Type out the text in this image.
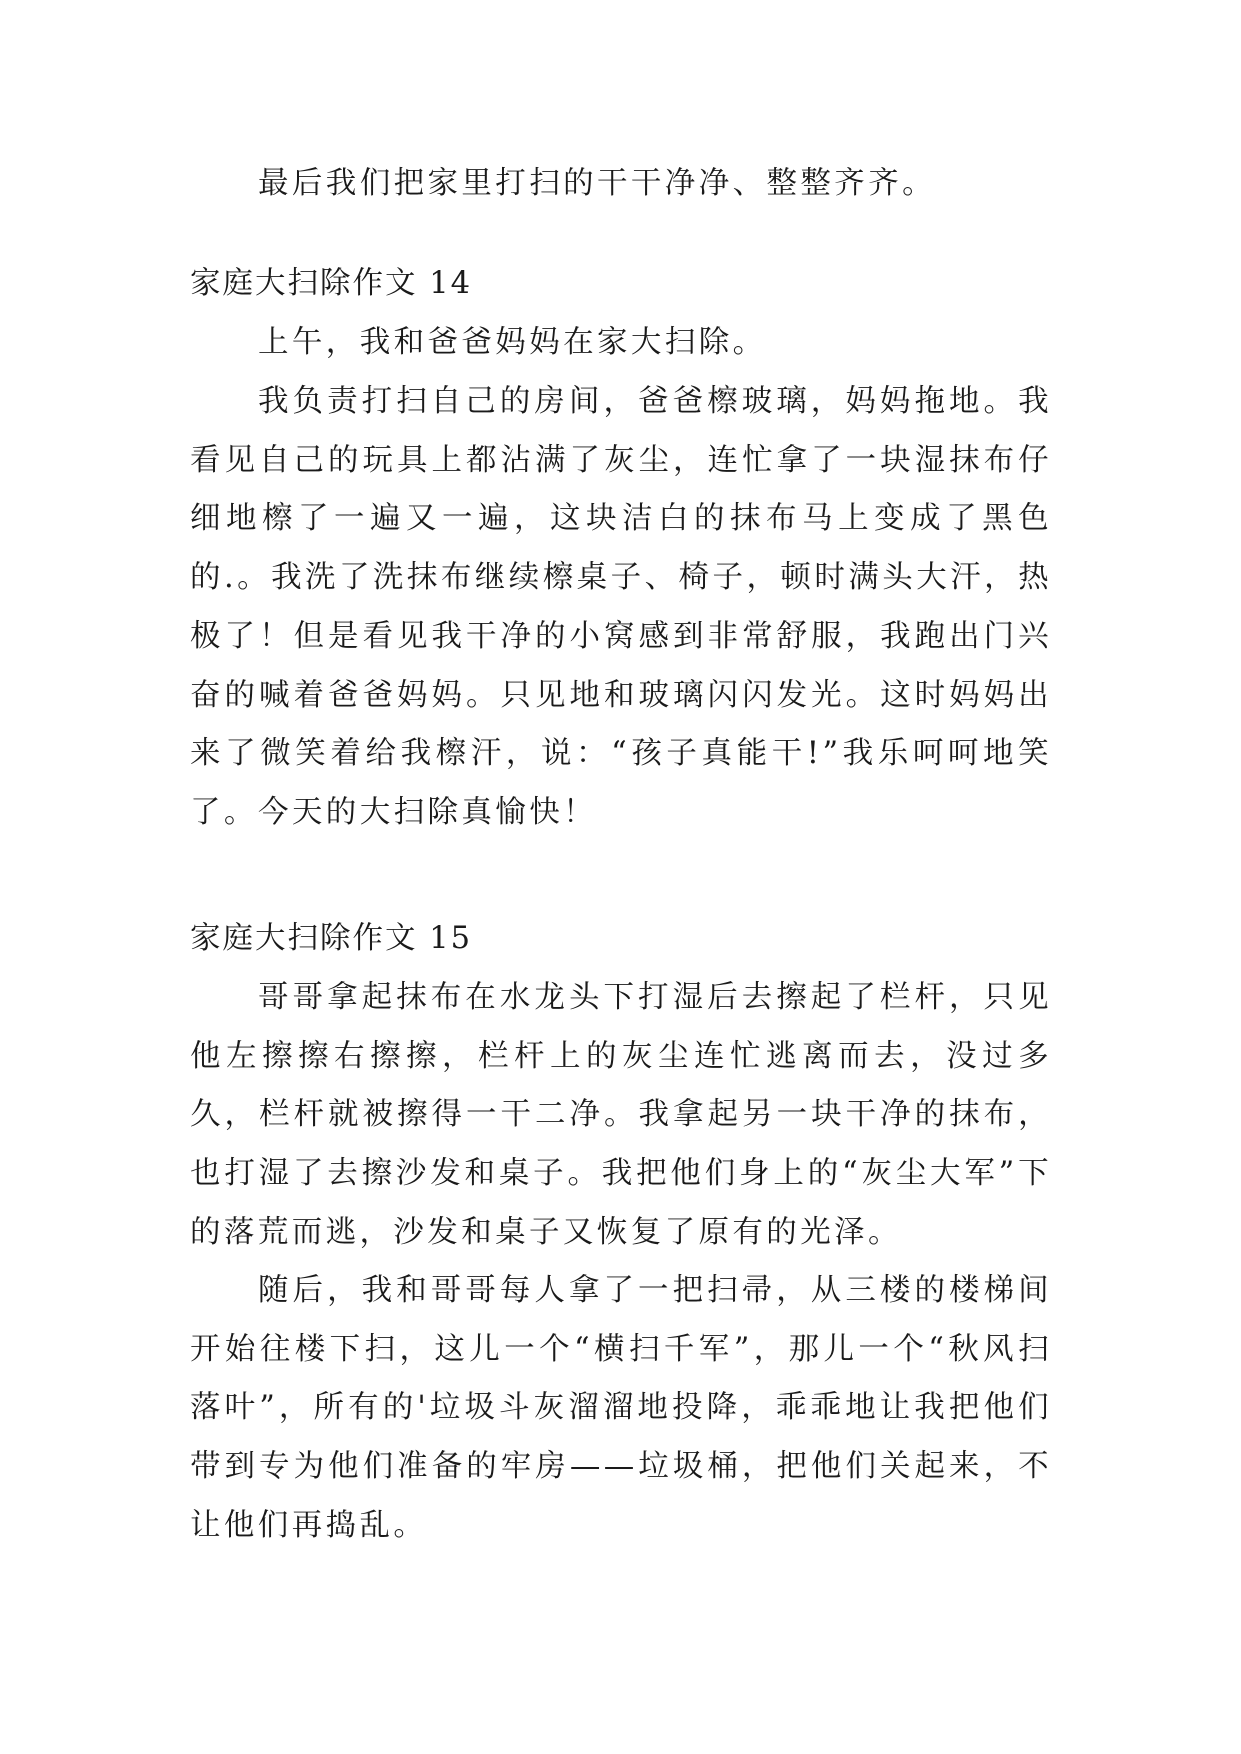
最后我们把家里打扫的干干净净、整整齐齐。

家庭大扫除作文 14

上午，我和爸爸妈妈在家大扫除。

我负责打扫自己的房间，爸爸檫玻璃，妈妈拖地。我看见自己的玩具上都沾满了灰尘，连忙拿了一块湿抹布仔细地檫了一遍又一遍，这块洁白的抹布马上变成了黑色的.。我洗了洗抹布继续檫桌子、椅子，顿时满头大汗，热极了！但是看见我干净的小窝感到非常舒服，我跑出门兴奋的喊着爸爸妈妈。只见地和玻璃闪闪发光。这时妈妈出来了微笑着给我檫汗，说：“孩子真能干!”我乐呵呵地笑了。 今天的大扫除真愉快！

家庭大扫除作文 15

哥哥拿起抹布在水龙头下打湿后去擦起了栏杆，只见他左擦擦右擦擦，栏杆上的灰尘连忙逃离而去，没过多久，栏杆就被擦得一干二净。我拿起另一块干净的抹布，也打湿了去擦沙发和桌子。我把他们身上的“灰尘大军”下的落荒而逃，沙发和桌子又恢复了原有的光泽。

随后，我和哥哥每人拿了一把扫帚，从三楼的楼梯间开始往楼下扫，这儿一个“横扫千军”，那儿一个“秋风扫落叶”，所有的'垃圾斗灰溜溜地投降，乖乖地让我把他们带到专为他们准备的牢房——垃圾桶，把他们关起来，不让他们再捣乱。
